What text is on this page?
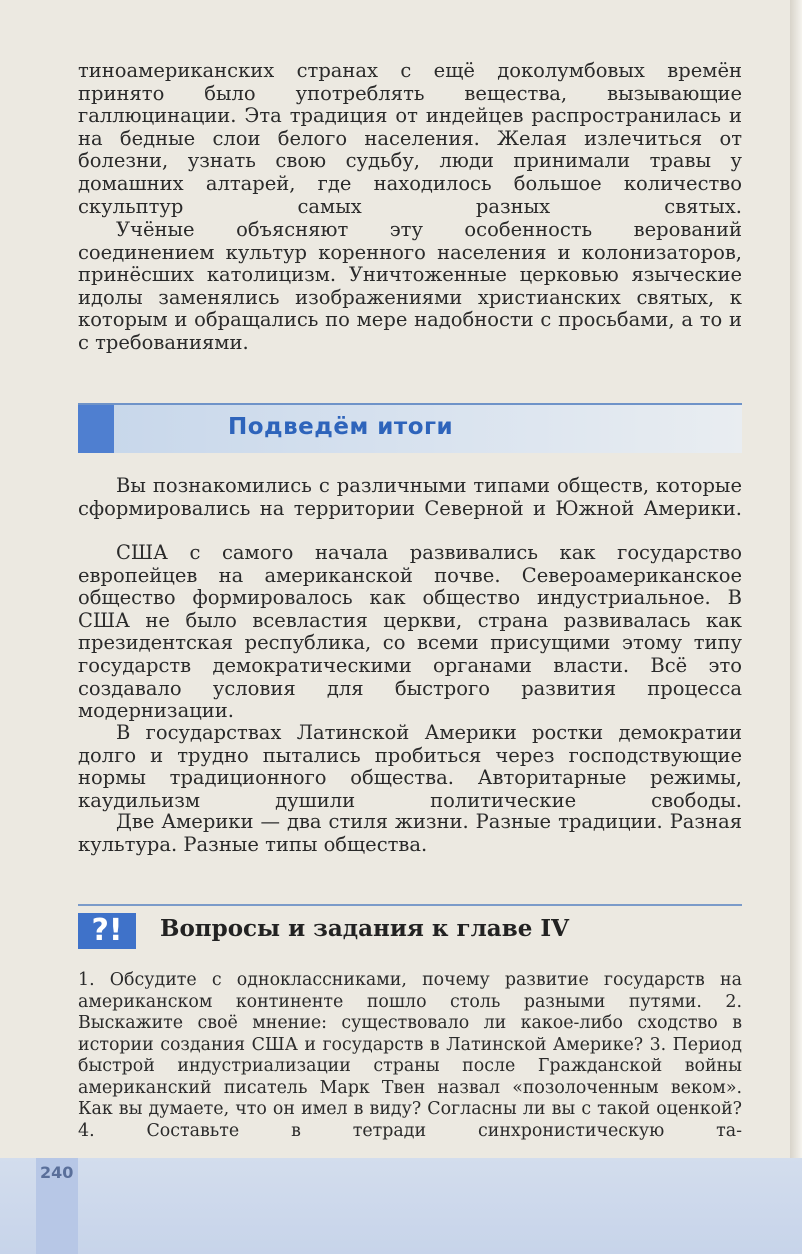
тиноамериканских странах с ещё доколумбовых времён принято было употреблять вещества, вызывающие галлюцинации. Эта традиция от индейцев распространилась и на бедные слои белого населения. Желая излечиться от болезни, узнать свою судьбу, люди принимали травы у домашних алтарей, где находилось большое количество скульптур самых разных святых.

Учёные объясняют эту особенность верований соединением культур коренного населения и колонизаторов, принёсших католицизм. Уничтоженные церковью языческие идолы заменялись изображениями христианских святых, к которым и обращались по мере надобности с просьбами, а то и с требованиями.

Подведём итоги

Вы познакомились с различными типами обществ, которые сформировались на территории Северной и Южной Америки.

США с самого начала развивались как государство европейцев на американской почве. Североамериканское общество формировалось как общество индустриальное. В США не было всевластия церкви, страна развивалась как президентская республика, со всеми присущими этому типу государств демократическими органами власти. Всё это создавало условия для быстрого развития процесса модернизации.

В государствах Латинской Америки ростки демократии долго и трудно пытались пробиться через господствующие нормы традиционного общества. Авторитарные режимы, каудильизм душили политические свободы.

Две Америки — два стиля жизни. Разные традиции. Разная культура. Разные типы общества.

?!	Вопросы и задания к главе IV

1. Обсудите с одноклассниками, почему развитие государств на американском континенте пошло столь разными путями. 2. Выскажите своё мнение: существовало ли какое-либо сходство в истории создания США и государств в Латинской Америке? 3. Период быстрой индустриализации страны после Гражданской войны американский писатель Марк Твен назвал «позолоченным веком». Как вы думаете, что он имел в виду? Согласны ли вы с такой оценкой? 4. Составьте в тетради синхронистическую та-

240
